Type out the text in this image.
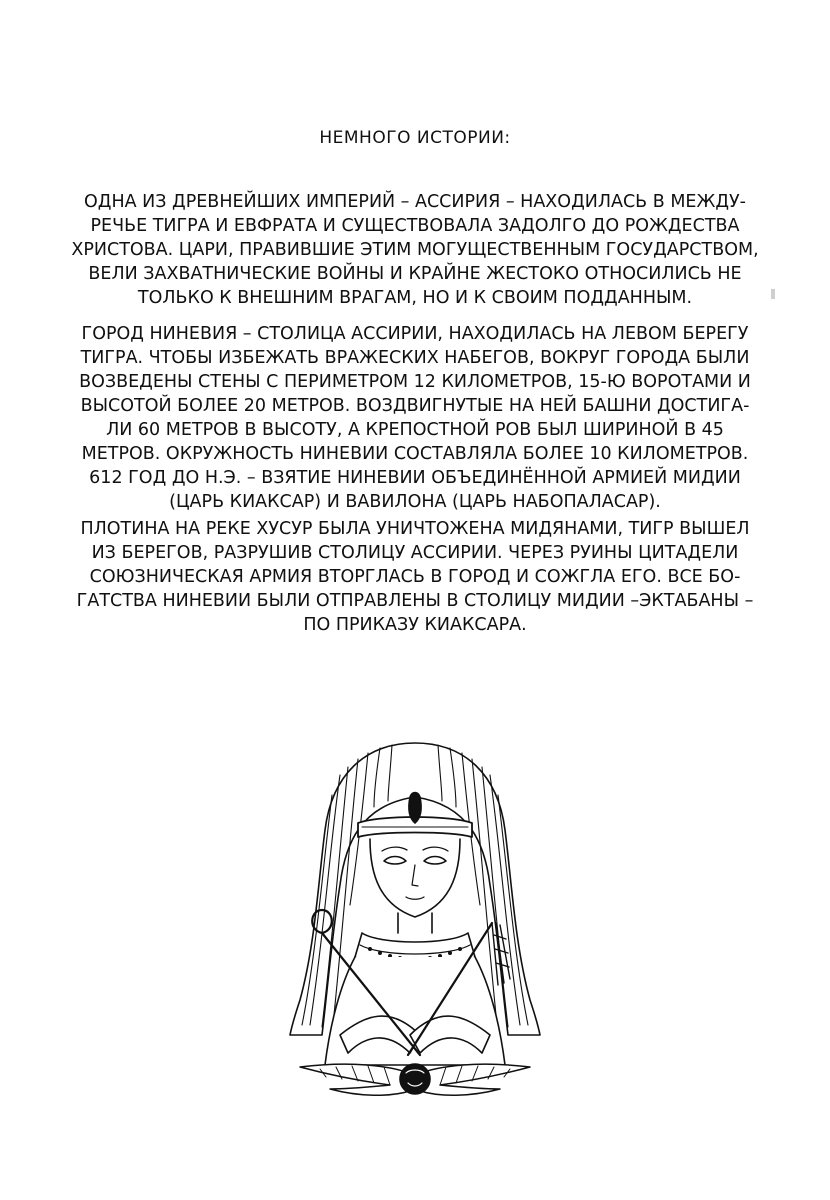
НЕМНОГО ИСТОРИИ:
ОДНА ИЗ ДРЕВНЕЙШИХ ИМПЕРИЙ – АССИРИЯ – НАХОДИЛАСЬ В МЕЖДУ-
РЕЧЬЕ ТИГРА И ЕВФРАТА И СУЩЕСТВОВАЛА ЗАДОЛГО ДО РОЖДЕСТВА
ХРИСТОВА. ЦАРИ, ПРАВИВШИЕ ЭТИМ МОГУЩЕСТВЕННЫМ ГОСУДАРСТВОМ,
ВЕЛИ ЗАХВАТНИЧЕСКИЕ ВОЙНЫ И КРАЙНЕ ЖЕСТОКО ОТНОСИЛИСЬ НЕ
ТОЛЬКО К ВНЕШНИМ ВРАГАМ, НО И К СВОИМ ПОДДАННЫМ.
ГОРОД НИНЕВИЯ – СТОЛИЦА АССИРИИ, НАХОДИЛАСЬ НА ЛЕВОМ БЕРЕГУ
ТИГРА. ЧТОБЫ ИЗБЕЖАТЬ ВРАЖЕСКИХ НАБЕГОВ, ВОКРУГ ГОРОДА БЫЛИ
ВОЗВЕДЕНЫ СТЕНЫ С ПЕРИМЕТРОМ 12 КИЛОМЕТРОВ, 15-Ю ВОРОТАМИ И
ВЫСОТОЙ БОЛЕЕ 20 МЕТРОВ. ВОЗДВИГНУТЫЕ НА НЕЙ БАШНИ ДОСТИГА-
ЛИ 60 МЕТРОВ В ВЫСОТУ, А КРЕПОСТНОЙ РОВ БЫЛ ШИРИНОЙ В 45
МЕТРОВ. ОКРУЖНОСТЬ НИНЕВИИ СОСТАВЛЯЛА БОЛЕЕ 10 КИЛОМЕТРОВ.
612 ГОД ДО Н.Э. – ВЗЯТИЕ НИНЕВИИ ОБЪЕДИНЁННОЙ АРМИЕЙ МИДИИ
(ЦАРЬ КИАКСАР) И ВАВИЛОНА (ЦАРЬ НАБОПАЛАСАР).
ПЛОТИНА НА РЕКЕ ХУСУР БЫЛА УНИЧТОЖЕНА МИДЯНАМИ, ТИГР ВЫШЕЛ
ИЗ БЕРЕГОВ, РАЗРУШИВ СТОЛИЦУ АССИРИИ. ЧЕРЕЗ РУИНЫ ЦИТАДЕЛИ
СОЮЗНИЧЕСКАЯ АРМИЯ ВТОРГЛАСЬ В ГОРОД И СОЖГЛА ЕГО. ВСЕ БО-
ГАТСТВА НИНЕВИИ БЫЛИ ОТПРАВЛЕНЫ В СТОЛИЦУ МИДИИ –ЭКТАБАНЫ –
ПО ПРИКАЗУ КИАКСАРА.
